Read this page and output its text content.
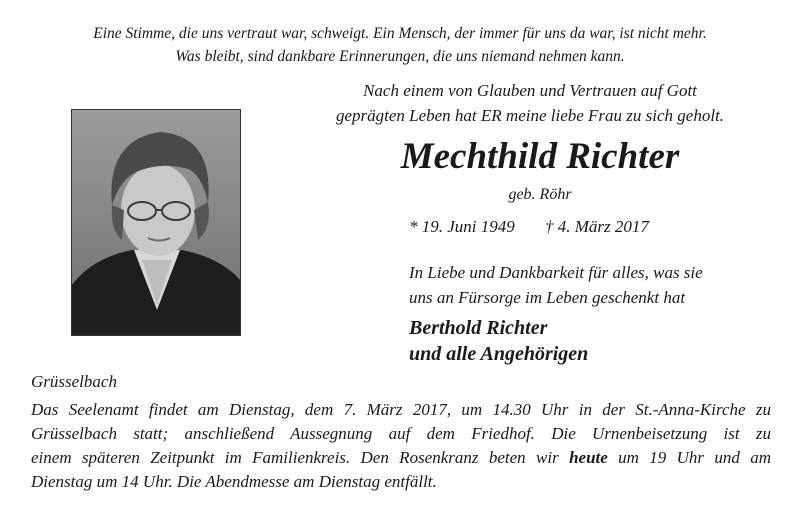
Eine Stimme, die uns vertraut war, schweigt. Ein Mensch, der immer für uns da war, ist nicht mehr.
Was bleibt, sind dankbare Erinnerungen, die uns niemand nehmen kann.
Nach einem von Glauben und Vertrauen auf Gott
geprägten Leben hat ER meine liebe Frau zu sich geholt.
Mechthild Richter
geb. Röhr
* 19. Juni 1949 † 4. März 2017
In Liebe und Dankbarkeit für alles, was sie
uns an Fürsorge im Leben geschenkt hat
Berthold Richter
und alle Angehörigen
Grüsselbach
Das Seelenamt findet am Dienstag, dem 7. März 2017, um 14.30 Uhr in der St.-Anna-Kirche zu
Grüsselbach statt; anschließend Aussegnung auf dem Friedhof. Die Urnenbeisetzung ist zu
einem späteren Zeitpunkt im Familienkreis. Den Rosenkranz beten wir heute um 19 Uhr und am
Dienstag um 14 Uhr. Die Abendmesse am Dienstag entfällt.
